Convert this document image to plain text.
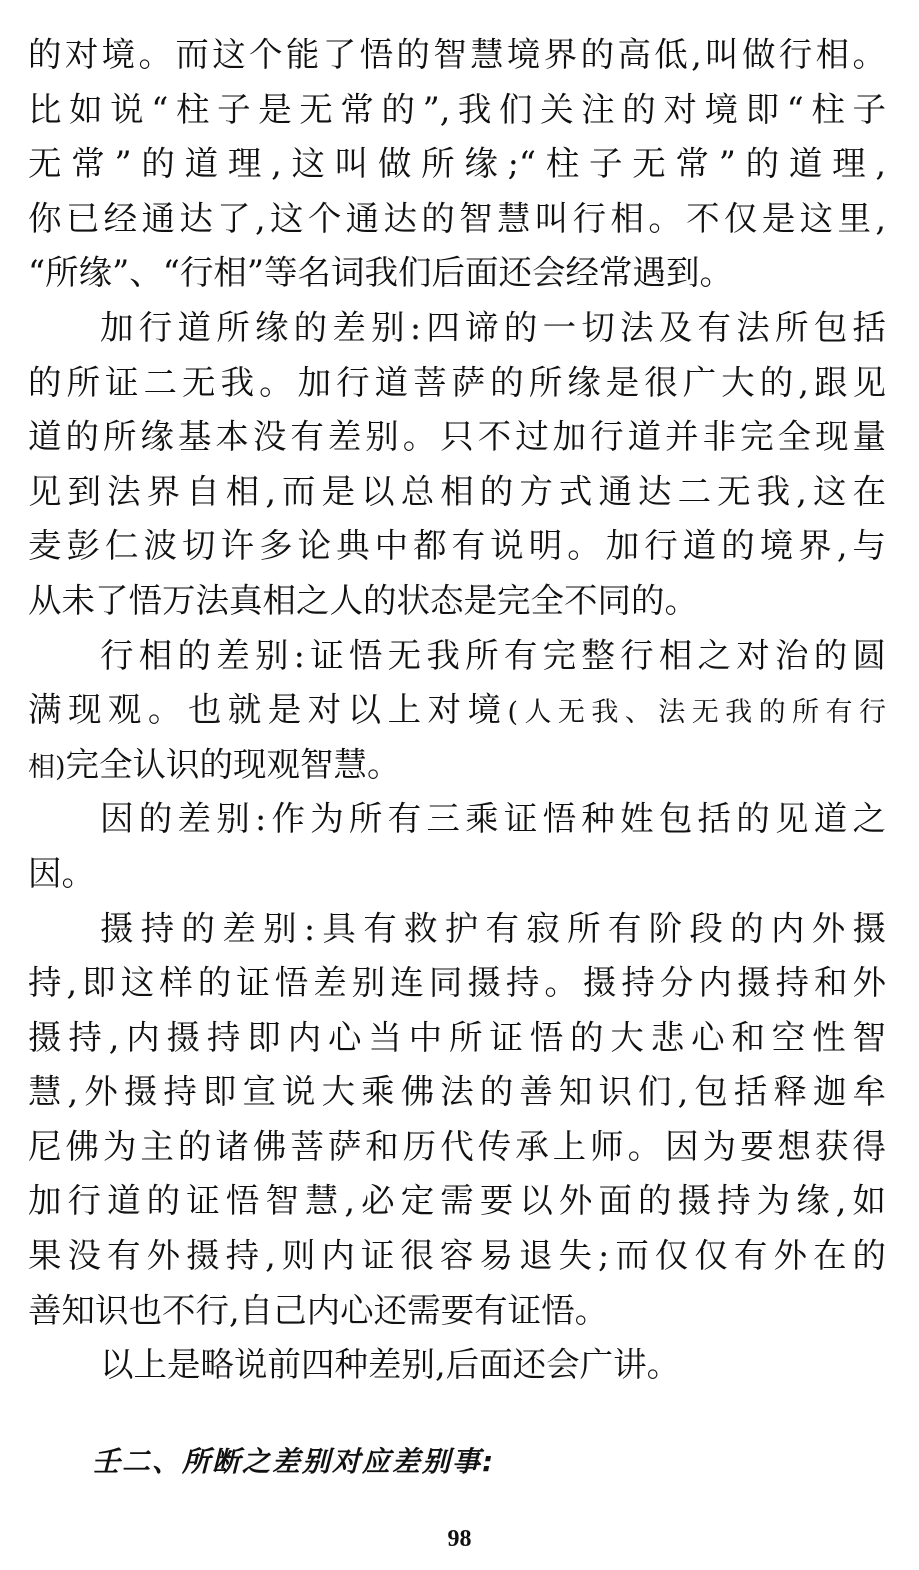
的对境。而这个能了悟的智慧境界的高低,叫做行相。
比如说“柱子是无常的”,我们关注的对境即“柱子
无常”的道理,这叫做所缘;“柱子无常”的道理,
你已经通达了,这个通达的智慧叫行相。不仅是这里,
“所缘”、“行相”等名词我们后面还会经常遇到。
加行道所缘的差别:四谛的一切法及有法所包括
的所证二无我。加行道菩萨的所缘是很广大的,跟见
道的所缘基本没有差别。只不过加行道并非完全现量
见到法界自相,而是以总相的方式通达二无我,这在
麦彭仁波切许多论典中都有说明。加行道的境界,与
从未了悟万法真相之人的状态是完全不同的。
行相的差别:证悟无我所有完整行相之对治的圆
满现观。也就是对以上对境(人无我、法无我的所有行
相)完全认识的现观智慧。
因的差别:作为所有三乘证悟种姓包括的见道之
因。
摄持的差别:具有救护有寂所有阶段的内外摄
持,即这样的证悟差别连同摄持。摄持分内摄持和外
摄持,内摄持即内心当中所证悟的大悲心和空性智
慧,外摄持即宣说大乘佛法的善知识们,包括释迦牟
尼佛为主的诸佛菩萨和历代传承上师。因为要想获得
加行道的证悟智慧,必定需要以外面的摄持为缘,如
果没有外摄持,则内证很容易退失;而仅仅有外在的
善知识也不行,自己内心还需要有证悟。
以上是略说前四种差别,后面还会广讲。
壬二、所断之差别对应差别事:
98
